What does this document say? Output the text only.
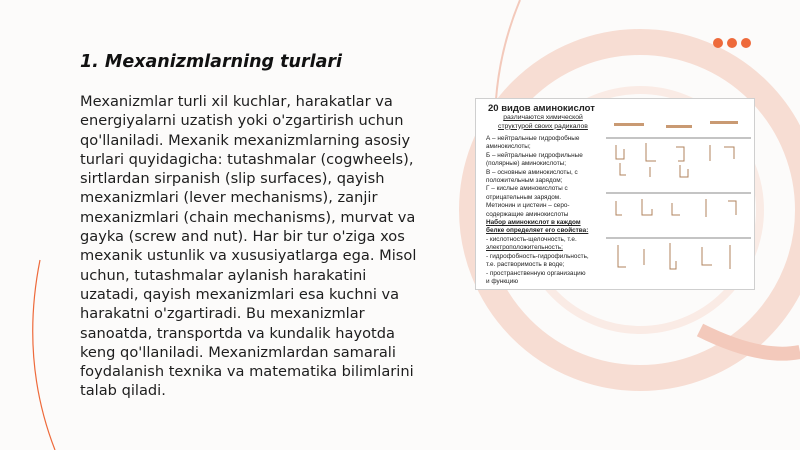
1. Mexanizmlarning turlari
Mexanizmlar turli xil kuchlar, harakatlar va energiyalarni uzatish yoki o'zgartirish uchun qo'llaniladi. Mexanik mexanizmlarning asosiy turlari quyidagicha: tutashmalar (cogwheels), sirtlardan sirpanish (slip surfaces), qayish mexanizmlari (lever mechanisms), zanjir mexanizmlari (chain mechanisms), murvat va gayka (screw and nut). Har bir tur o'ziga xos mexanik ustunlik va xususiyatlarga ega. Misol uchun, tutashmalar aylanish harakatini uzatadi, qayish mexanizmlari esa kuchni va harakatni o'zgartiradi. Bu mexanizmlar sanoatda, transportda va kundalik hayotda keng qo'llaniladi. Mexanizmlardan samarali foydalanish texnika va matematika bilimlarini talab qiladi.
20 видов аминокислот
различаются химической структурой своих радикалов
А – нейтральные гидрофобные
аминокислоты;
Б – нейтральные гидрофильные
(полярные) аминокислоты;
В – основные аминокислоты, с
положительным зарядом;
Г – кислые аминокислоты с
отрицательным зарядом.
Метионин и цистеин – серо-
содержащие аминокислоты
Набор аминокислот в каждом
белке определяет его свойства:
- кислотность-щелочность, т.е.
электроположительность;
- гидрофобность-гидрофильность,
т.е. растворимость в воде;
- пространственную организацию
и функцию
